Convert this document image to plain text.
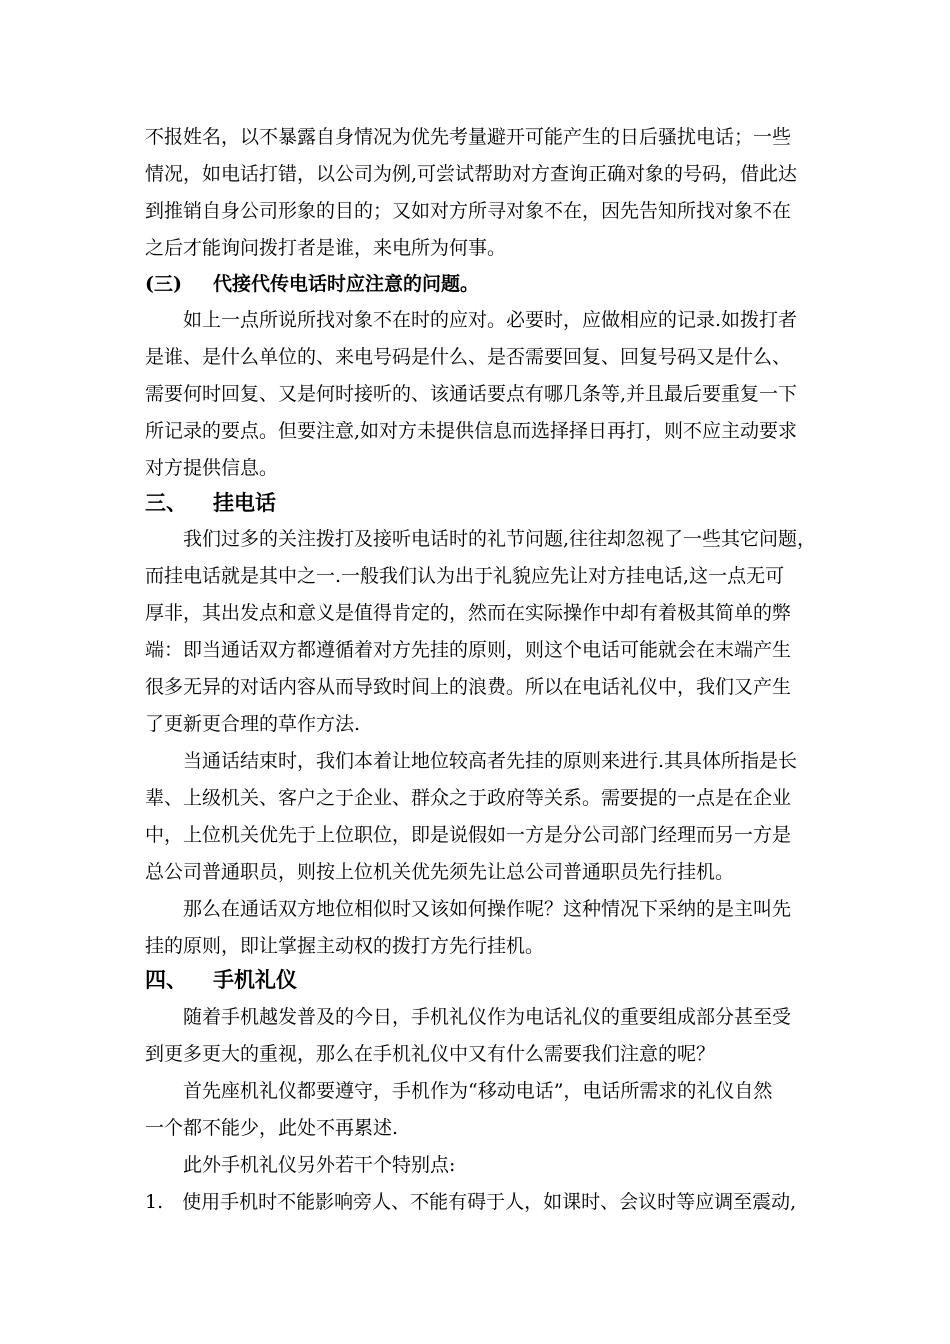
不报姓名，以不暴露自身情况为优先考量避开可能产生的日后骚扰电话；一些
情况，如电话打错，以公司为例,可尝试帮助对方查询正确对象的号码，借此达
到推销自身公司形象的目的；又如对方所寻对象不在，因先告知所找对象不在
之后才能询问拨打者是谁，来电所为何事。
(三) 代接代传电话时应注意的问题。
　　如上一点所说所找对象不在时的应对。必要时，应做相应的记录.如拨打者
是谁、是什么单位的、来电号码是什么、是否需要回复、回复号码又是什么、
需要何时回复、又是何时接听的、该通话要点有哪几条等,并且最后要重复一下
所记录的要点。但要注意,如对方未提供信息而选择择日再打，则不应主动要求
对方提供信息。
三、 挂电话
　　我们过多的关注拨打及接听电话时的礼节问题,往往却忽视了一些其它问题，
而挂电话就是其中之一.一般我们认为出于礼貌应先让对方挂电话,这一点无可
厚非，其出发点和意义是值得肯定的，然而在实际操作中却有着极其简单的弊
端：即当通话双方都遵循着对方先挂的原则，则这个电话可能就会在末端产生
很多无异的对话内容从而导致时间上的浪费。所以在电话礼仪中，我们又产生
了更新更合理的草作方法.
　　当通话结束时，我们本着让地位较高者先挂的原则来进行.其具体所指是长
辈、上级机关、客户之于企业、群众之于政府等关系。需要提的一点是在企业
中，上位机关优先于上位职位，即是说假如一方是分公司部门经理而另一方是
总公司普通职员，则按上位机关优先须先让总公司普通职员先行挂机。
　　那么在通话双方地位相似时又该如何操作呢？这种情况下采纳的是主叫先
挂的原则，即让掌握主动权的拨打方先行挂机。
四、 手机礼仪
　　随着手机越发普及的今日，手机礼仪作为电话礼仪的重要组成部分甚至受
到更多更大的重视，那么在手机礼仪中又有什么需要我们注意的呢？
　　首先座机礼仪都要遵守，手机作为“移动电话”，电话所需求的礼仪自然
一个都不能少，此处不再累述.
　　此外手机礼仪另外若干个特别点:
1.　使用手机时不能影响旁人、不能有碍于人，如课时、会议时等应调至震动,
